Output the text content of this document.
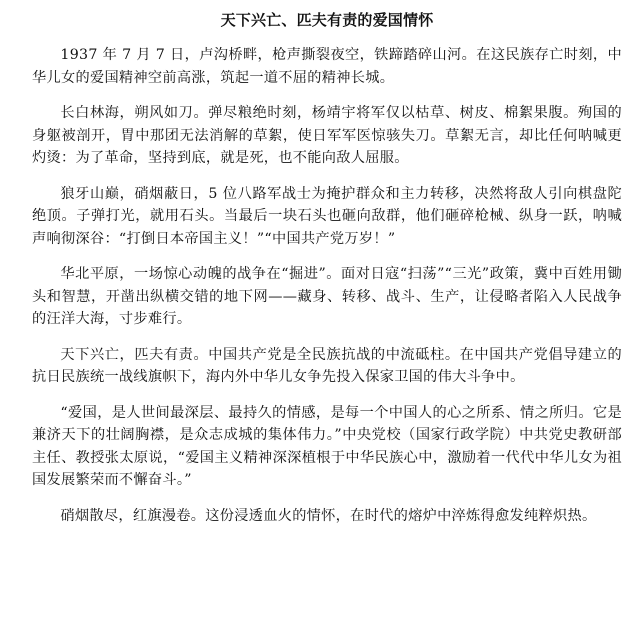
天下兴亡、匹夫有责的爱国情怀

1937 年 7 月 7 日，卢沟桥畔，枪声撕裂夜空，铁蹄踏碎山河。在这民族存亡时刻，中华儿女的爱国精神空前高涨，筑起一道不屈的精神长城。

长白林海，朔风如刀。弹尽粮绝时刻，杨靖宇将军仅以枯草、树皮、棉絮果腹。殉国的身躯被剖开，胃中那团无法消解的草絮，使日军军医惊骇失刀。草絮无言，却比任何呐喊更灼烫：为了革命，坚持到底，就是死，也不能向敌人屈服。

狼牙山巅，硝烟蔽日，5 位八路军战士为掩护群众和主力转移，决然将敌人引向棋盘陀绝顶。子弹打光，就用石头。当最后一块石头也砸向敌群，他们砸碎枪械、纵身一跃，呐喊声响彻深谷：“打倒日本帝国主义！”“中国共产党万岁！”

华北平原，一场惊心动魄的战争在“掘进”。面对日寇“扫荡”“三光”政策，冀中百姓用锄头和智慧，开凿出纵横交错的地下网——藏身、转移、战斗、生产，让侵略者陷入人民战争的汪洋大海，寸步难行。

天下兴亡，匹夫有责。中国共产党是全民族抗战的中流砥柱。在中国共产党倡导建立的抗日民族统一战线旗帜下，海内外中华儿女争先投入保家卫国的伟大斗争中。

“爱国，是人世间最深层、最持久的情感，是每一个中国人的心之所系、情之所归。它是兼济天下的壮阔胸襟，是众志成城的集体伟力。”中央党校（国家行政学院）中共党史教研部主任、教授张太原说，“爱国主义精神深深植根于中华民族心中，激励着一代代中华儿女为祖国发展繁荣而不懈奋斗。”

硝烟散尽，红旗漫卷。这份浸透血火的情怀，在时代的熔炉中淬炼得愈发纯粹炽热。
